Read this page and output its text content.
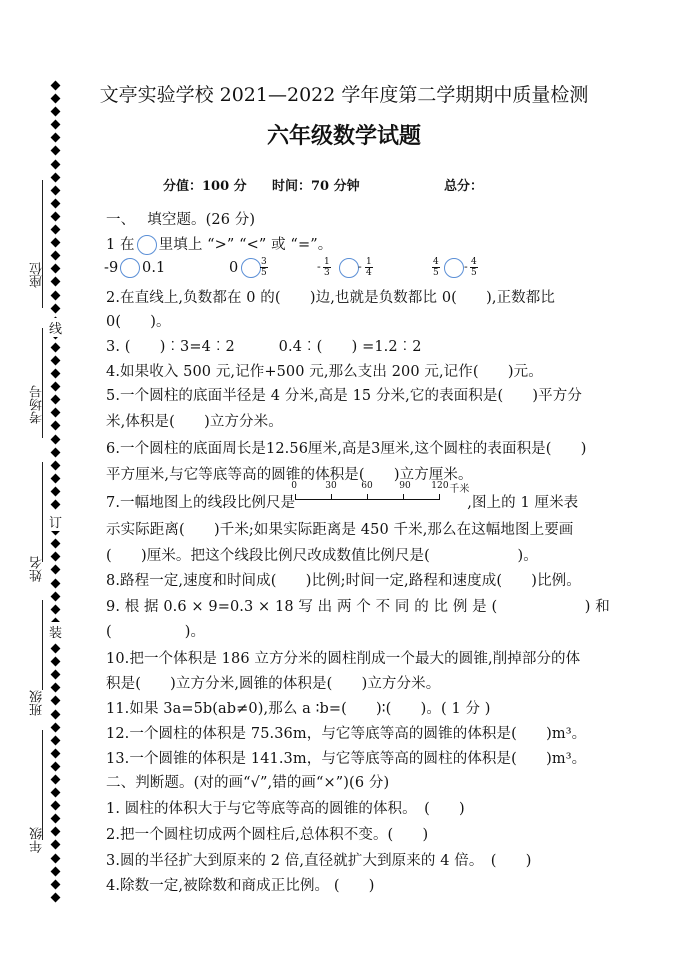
座位
考场号
姓名
班级
年级
线
订
装
文亭实验学校 2021—2022 学年度第二学期期中质量检测
六年级数学试题
分值：100 分 时间：70 分钟	总分：
一、　 填空题。(26 分)
1 在 里填上 “>” “<” 或 “=”。
-9 0.1	$0 \frac{3}{5}$	- $\frac{1}{3} - \frac{1}{4}$	$\frac{4}{5} - \frac{4}{5}$
2.在直线上,负数都在 0 的(　　)边,也就是负数都比 0(　　),正数都比
0(　　)。
3. (　　)︰3=4︰2　　　0.4︰(　　) =1.2︰2
4.如果收入 500 元,记作+500 元,那么支出 200 元,记作(　　)元。
5.一个圆柱的底面半径是 4 分米,高是 15 分米,它的表面积是(　　)平方分
米,体积是(　　)立方分米。
6.一个圆柱的底面周长是12.56厘米,高是3厘米,这个圆柱的表面积是(　　)
平方厘米,与它等底等高的圆锥的体积是(　　)立方厘米。
7.一幅地图上的线段比例尺是
0	30	60	90 120 千米
,图上的 1 厘米表
示实际距离(　　)千米;如果实际距离是 450 千米,那么在这幅地图上要画
(　　)厘米。把这个线段比例尺改成数值比例尺是(　　　　　　)。
8.路程一定,速度和时间成(　　)比例;时间一定,路程和速度成(　　)比例。
9. 根 据 0.6 × 9=0.3 × 18 写 出 两 个 不 同 的 比 例 是 (　　　　　　) 和
(　　　　　)。
10.把一个体积是 186 立方分米的圆柱削成一个最大的圆锥,削掉部分的体
积是(　　)立方分米,圆锥的体积是(　　)立方分米。
11.如果 3a=5b(ab≠0),那么 a ∶b=(　　)∶(　　)。( 1 分 )
12.一个圆柱的体积是 75.36m，与它等底等高的圆锥的体积是(　　)m³。
13.一个圆锥的体积是 141.3m，与它等底等高的圆柱的体积是(　　)m³。
二、判断题。(对的画“√”,错的画“×”)(6 分)
1. 圆柱的体积大于与它等底等高的圆锥的体积。　(　　)
2.把一个圆柱切成两个圆柱后,总体积不变。(　　)
3.圆的半径扩大到原来的 2 倍,直径就扩大到原来的 4 倍。　(　　)
4.除数一定,被除数和商成正比例。 (　　)
